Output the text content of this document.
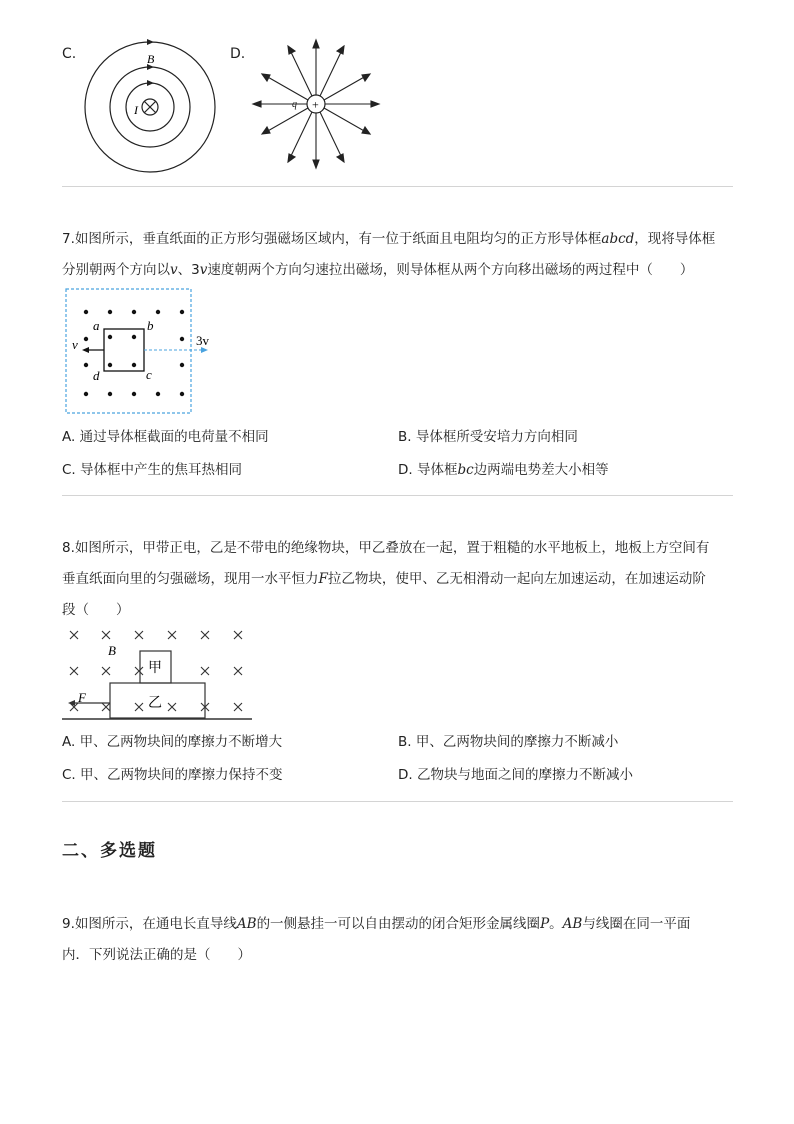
C.	D.
B
I	+
q
7.如图所示，垂直纸面的正方形匀强磁场区域内，有一位于纸面且电阻均匀的正方形导体框abcd，现将导体框
分别朝两个方向以v、3v速度朝两个方向匀速拉出磁场，则导体框从两个方向移出磁场的两过程中（　　）
a	b
c
d
v	3v
A. 通过导体框截面的电荷量不相同	B. 导体框所受安培力方向相同
C. 导体框中产生的焦耳热相同	D. 导体框bc边两端电势差大小相等
8.如图所示，甲带正电，乙是不带电的绝缘物块，甲乙叠放在一起，置于粗糙的水平地板上，地板上方空间有
垂直纸面向里的匀强磁场，现用一水平恒力F拉乙物块，使甲、乙无相滑动一起向左加速运动，在加速运动阶
段（　　）
B
甲
乙
F
A. 甲、乙两物块间的摩擦力不断增大	B. 甲、乙两物块间的摩擦力不断减小
C. 甲、乙两物块间的摩擦力保持不变	D. 乙物块与地面之间的摩擦力不断减小
二、多选题
9.如图所示，在通电长直导线AB的一侧悬挂一可以自由摆动的闭合矩形金属线圈P。AB与线圈在同一平面
内．下列说法正确的是（　　）
